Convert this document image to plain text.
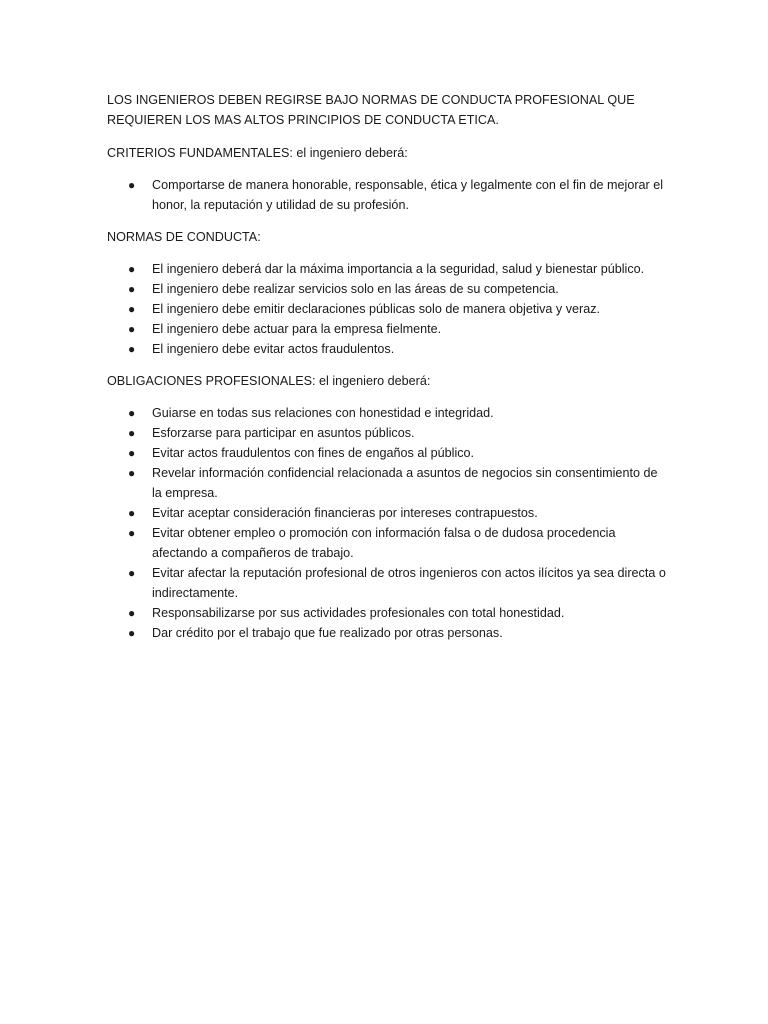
LOS INGENIEROS DEBEN REGIRSE BAJO NORMAS DE CONDUCTA PROFESIONAL QUE REQUIEREN LOS MAS ALTOS PRINCIPIOS DE CONDUCTA ETICA.

CRITERIOS FUNDAMENTALES: el ingeniero deberá:

● Comportarse de manera honorable, responsable, ética y legalmente con el fin de mejorar el honor, la reputación y utilidad de su profesión.

NORMAS DE CONDUCTA:

● El ingeniero deberá dar la máxima importancia a la seguridad, salud y bienestar público.
● El ingeniero debe realizar servicios solo en las áreas de su competencia.
● El ingeniero debe emitir declaraciones públicas solo de manera objetiva y veraz.
● El ingeniero debe actuar para la empresa fielmente.
● El ingeniero debe evitar actos fraudulentos.

OBLIGACIONES PROFESIONALES: el ingeniero deberá:

● Guiarse en todas sus relaciones con honestidad e integridad.
● Esforzarse para participar en asuntos públicos.
● Evitar actos fraudulentos con fines de engaños al público.
● Revelar información confidencial relacionada a asuntos de negocios sin consentimiento de la empresa.
● Evitar aceptar consideración financieras por intereses contrapuestos.
● Evitar obtener empleo o promoción con información falsa o de dudosa procedencia afectando a compañeros de trabajo.
● Evitar afectar la reputación profesional de otros ingenieros con actos ilícitos ya sea directa o indirectamente.
● Responsabilizarse por sus actividades profesionales con total honestidad.
● Dar crédito por el trabajo que fue realizado por otras personas.
